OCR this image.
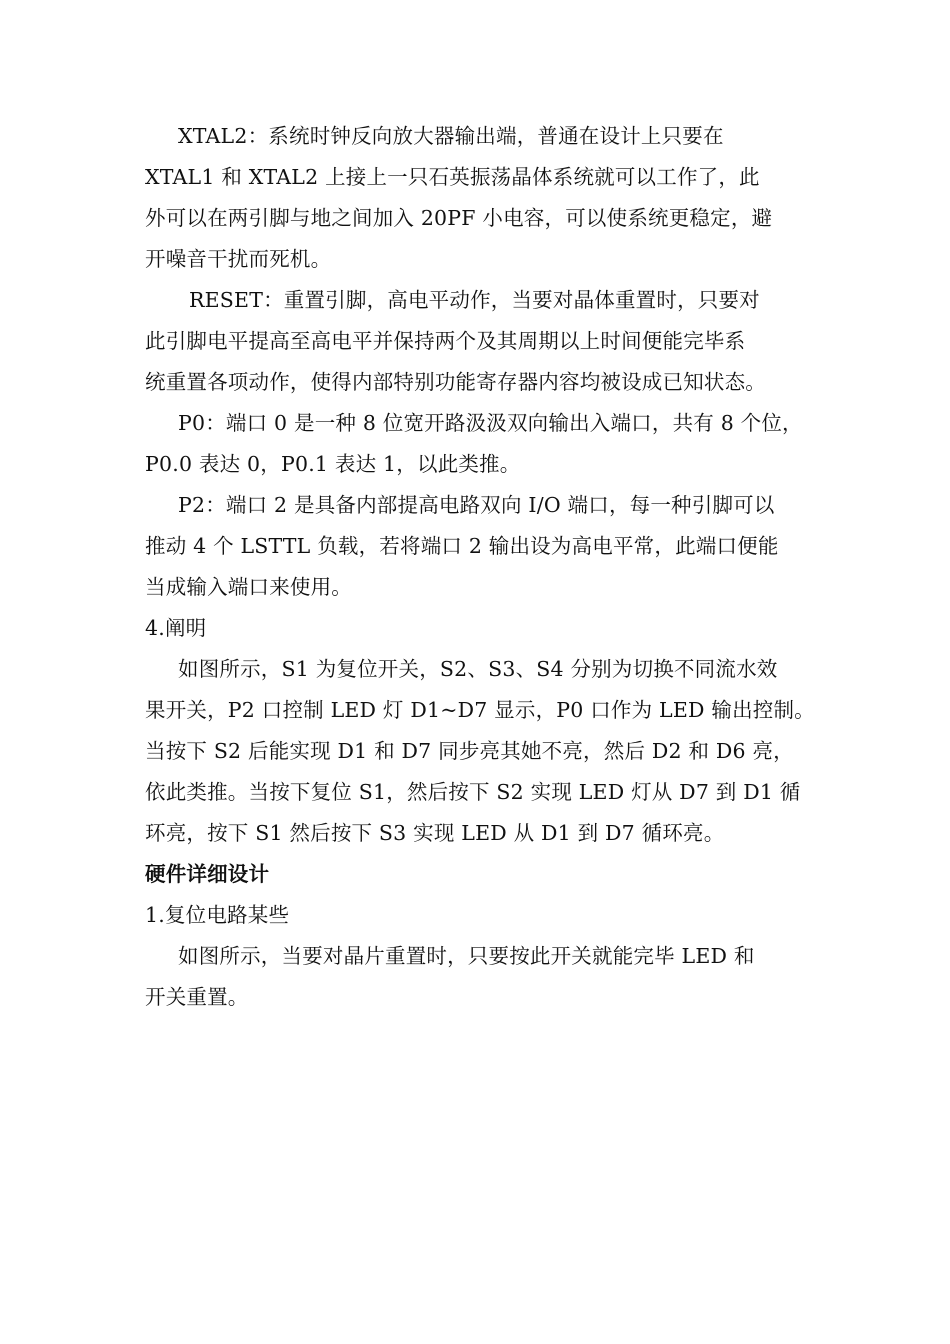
XTAL2：系统时钟反向放大器输出端，普通在设计上只要在
XTAL1 和 XTAL2 上接上一只石英振荡晶体系统就可以工作了，此
外可以在两引脚与地之间加入 20PF 小电容，可以使系统更稳定，避
开噪音干扰而死机。
RESET：重置引脚，高电平动作，当要对晶体重置时，只要对
此引脚电平提高至高电平并保持两个及其周期以上时间便能完毕系
统重置各项动作，使得内部特别功能寄存器内容均被设成已知状态。
P0：端口 0 是一种 8 位宽开路汲汲双向输出入端口，共有 8 个位，
P0.0 表达 0，P0.1 表达 1，以此类推。
P2：端口 2 是具备内部提高电路双向 I/O 端口，每一种引脚可以
推动 4 个 LSTTL 负载，若将端口 2 输出设为高电平常，此端口便能
当成输入端口来使用。
4.阐明
如图所示，S1 为复位开关，S2、S3、S4 分别为切换不同流水效
果开关，P2 口控制 LED 灯 D1~D7 显示，P0 口作为 LED 输出控制。
当按下 S2 后能实现 D1 和 D7 同步亮其她不亮，然后 D2 和 D6 亮，
依此类推。当按下复位 S1，然后按下 S2 实现 LED 灯从 D7 到 D1 循
环亮，按下 S1 然后按下 S3 实现 LED 从 D1 到 D7 循环亮。
硬件详细设计
1.复位电路某些
如图所示，当要对晶片重置时，只要按此开关就能完毕 LED 和
开关重置。
